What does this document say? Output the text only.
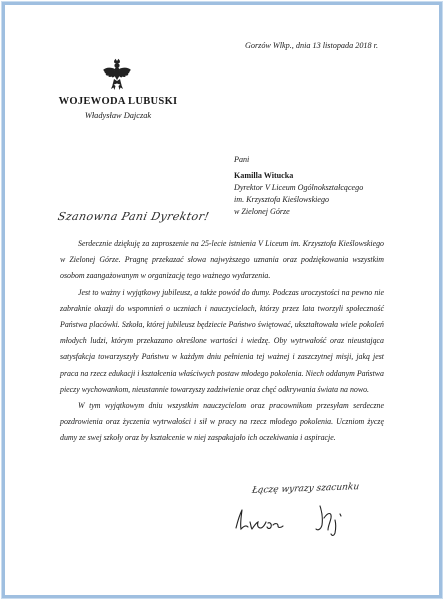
Gorzów Wlkp., dnia 13 listopada 2018 r.
WOJEWODA LUBUSKI
Władysław Dajczak
Pani
Kamilla Witucka
Dyrektor V Liceum Ogólnokształcącego
im. Krzysztofa Kieślowskiego
w Zielonej Górze
Szanowna Pani Dyrektor!

Serdecznie dziękuję za zaproszenie na 25-lecie istnienia V Liceum im. Krzysztofa Kieślowskiego w Zielonej Górze. Pragnę przekazać słowa najwyższego uznania oraz podziękowania wszystkim osobom zaangażowanym w organizację tego ważnego wydarzenia.

Jest to ważny i wyjątkowy jubileusz, a także powód do dumy. Podczas uroczystości na pewno nie zabraknie okazji do wspomnień o uczniach i nauczycielach, którzy przez lata tworzyli społeczność Państwa placówki. Szkoła, której jubileusz będziecie Państwo świętować, ukształtowała wiele pokoleń młodych ludzi, którym przekazano określone wartości i wiedzę. Oby wytrwałość oraz nieustająca satysfakcja towarzyszyły Państwu w każdym dniu pełnienia tej ważnej i zaszczytnej misji, jaką jest praca na rzecz edukacji i kształcenia właściwych postaw młodego pokolenia. Niech oddanym Państwa pieczy wychowankom, nieustannie towarzyszy zadziwienie oraz chęć odkrywania świata na nowo.

W tym wyjątkowym dniu wszystkim nauczycielom oraz pracownikom przesyłam serdeczne pozdrowienia oraz życzenia wytrwałości i sił w pracy na rzecz młodego pokolenia. Uczniom życzę dumy ze swej szkoły oraz by kształcenie w niej zaspakajało ich oczekiwania i aspiracje.

Łączę wyrazy szacunku
